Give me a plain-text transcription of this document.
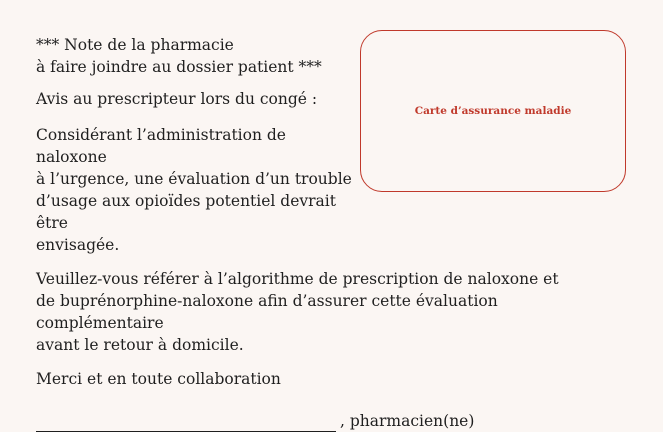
*** Note de la pharmacie
à faire joindre au dossier patient ***

Avis au prescripteur lors du congé :

Considérant l’administration de naloxone
à l’urgence, une évaluation d’un trouble
d’usage aux opioïdes potentiel devrait être
envisagée.

Veuillez-vous référer à l’algorithme de prescription de naloxone et
de buprénorphine-naloxone afin d’assurer cette évaluation complémentaire
avant le retour à domicile.

Merci et en toute collaboration

, pharmacien(ne)

Carte d’assurance maladie
